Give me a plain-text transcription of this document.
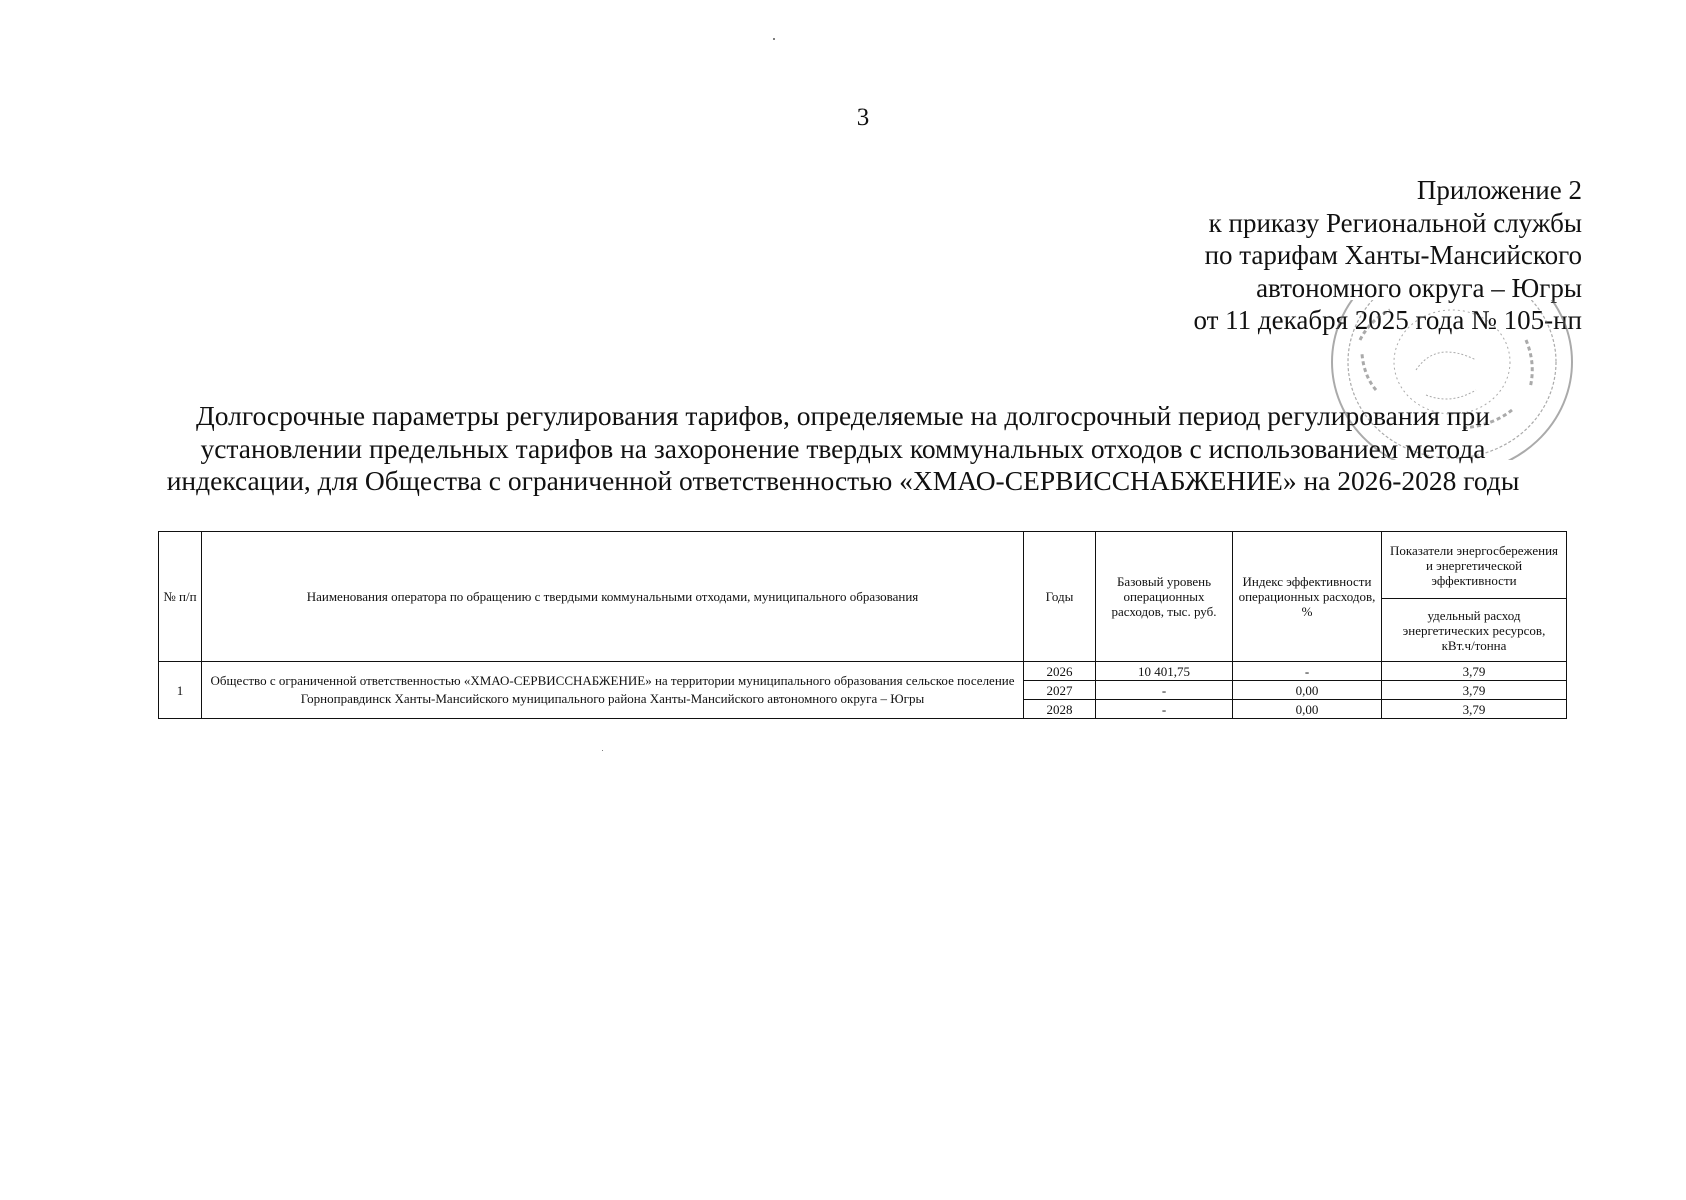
3
Приложение 2
к приказу Региональной службы
по тарифам Ханты-Мансийского
автономного округа – Югры
от 11 декабря 2025 года № 105-нп
Долгосрочные параметры регулирования тарифов, определяемые на долгосрочный период регулирования при
установлении предельных тарифов на захоронение твердых коммунальных отходов с использованием метода
индексации, для Общества с ограниченной ответственностью «ХМАО-СЕРВИССНАБЖЕНИЕ» на 2026-2028 годы
№ п/п	Наименования оператора по обращению с твердыми коммунальными отходами, муниципального образования	Годы	Базовый уровень операционных расходов, тыс. руб.	Индекс эффективности операционных расходов, %	Показатели энергосбережения и энергетической эффективности
					удельный расход энергетических ресурсов, кВт.ч/тонна
1	Общество с ограниченной ответственностью «ХМАО-СЕРВИССНАБЖЕНИЕ» на территории муниципального образования сельское поселение Горноправдинск Ханты-Мансийского муниципального района Ханты-Мансийского автономного округа – Югры	2026	10 401,75	-	3,79
		2027	-	0,00	3,79
		2028	-	0,00	3,79
